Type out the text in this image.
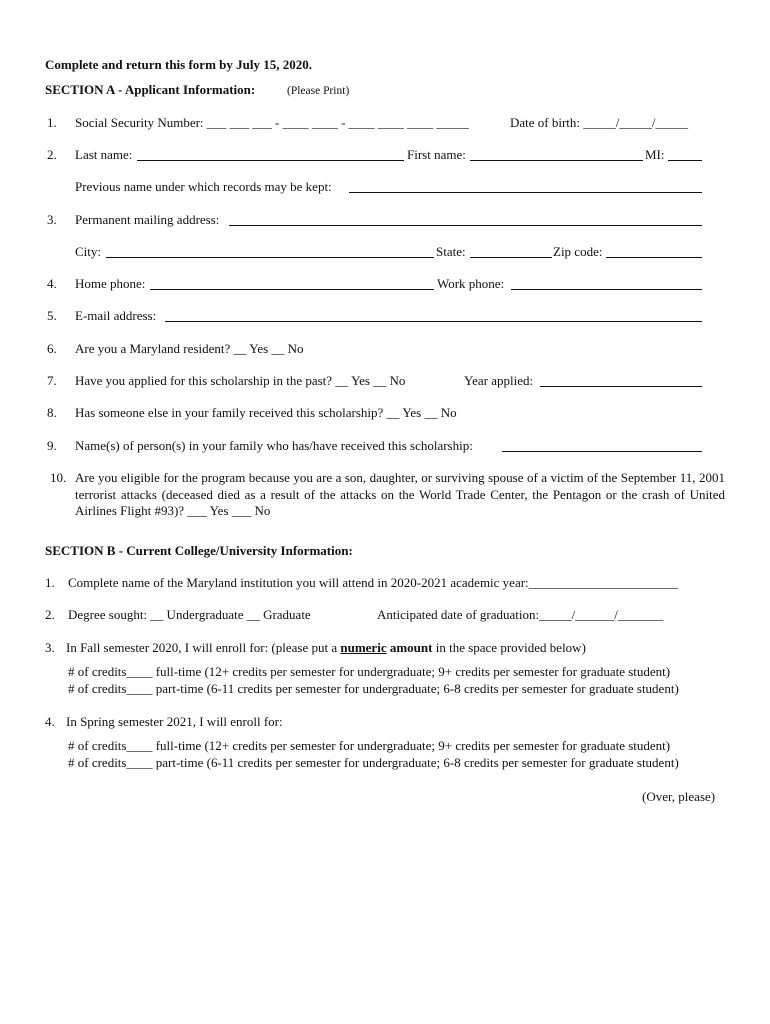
Complete and return this form by July 15, 2020.
SECTION A - Applicant Information:	(Please Print)
1. Social Security Number: ___ ___ ___ - ____ ____ - ____ ____ ____ _____	Date of birth: _____/_____/_____
2. Last name:	First name:	MI:
Previous name under which records may be kept:
3. Permanent mailing address:
City:	State:	Zip code:
4. Home phone:	Work phone:
5. E-mail address:
6. Are you a Maryland resident? __ Yes __ No
7. Have you applied for this scholarship in the past? __ Yes __ No	Year applied:
8. Has someone else in your family received this scholarship? __ Yes __ No
9. Name(s) of person(s) in your family who has/have received this scholarship:
10. Are you eligible for the program because you are a son, daughter, or surviving spouse of a victim of the September 11, 2001 terrorist attacks (deceased died as a result of the attacks on the World Trade Center, the Pentagon or the crash of United Airlines Flight #93)? ___ Yes ___ No
SECTION B - Current College/University Information:
1. Complete name of the Maryland institution you will attend in 2020-2021 academic year:_______________________
2. Degree sought: __ Undergraduate __ Graduate	Anticipated date of graduation:_____/______/_______
3. In Fall semester 2020, I will enroll for: (please put a numeric amount in the space provided below)
# of credits____ full-time (12+ credits per semester for undergraduate; 9+ credits per semester for graduate student)
# of credits____ part-time (6-11 credits per semester for undergraduate; 6-8 credits per semester for graduate student)
4. In Spring semester 2021, I will enroll for:
# of credits____ full-time (12+ credits per semester for undergraduate; 9+ credits per semester for graduate student)
# of credits____ part-time (6-11 credits per semester for undergraduate; 6-8 credits per semester for graduate student)
(Over, please)
